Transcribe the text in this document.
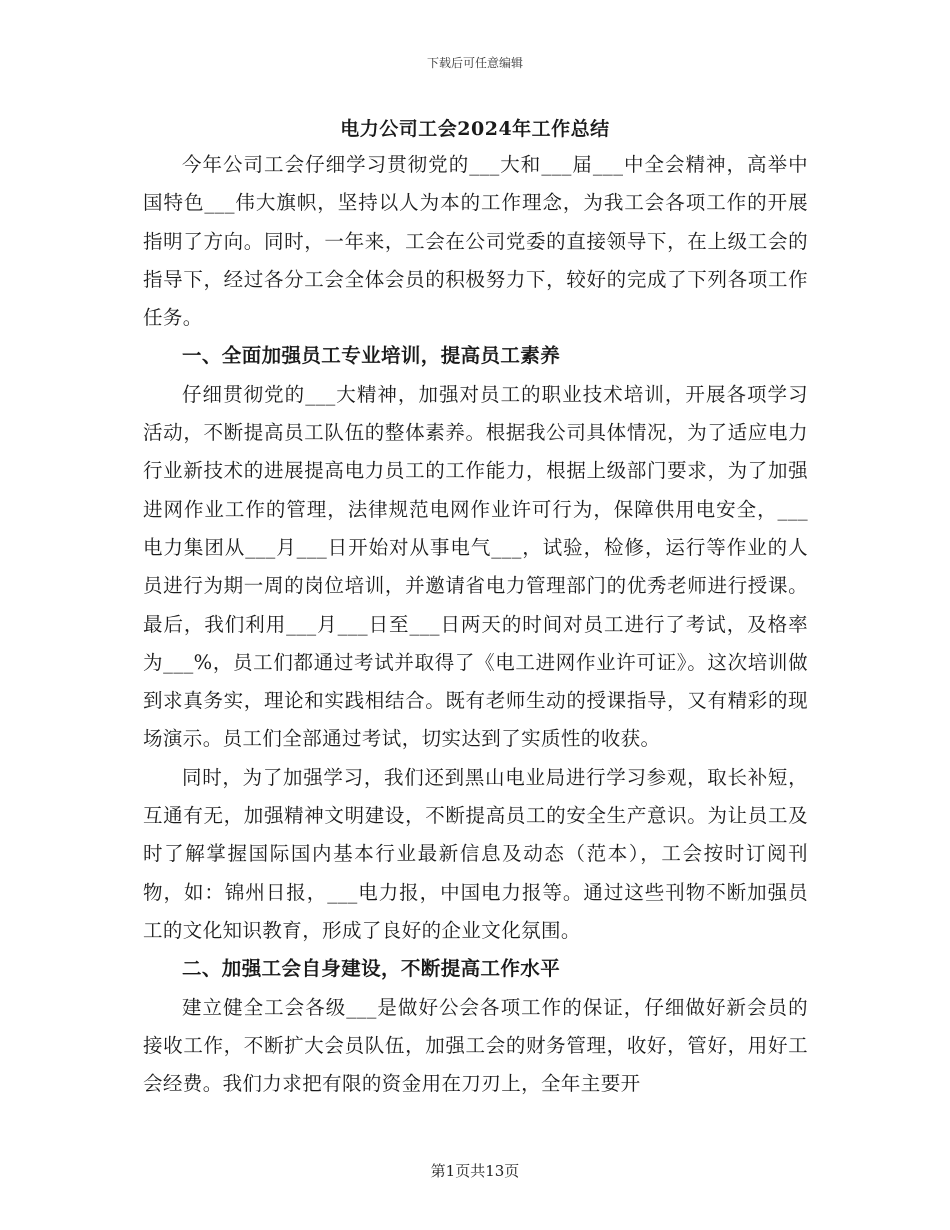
下载后可任意编辑
电力公司工会2024年工作总结

今年公司工会仔细学习贯彻党的___大和___届___中全会精神，高举中国特色___伟大旗帜，坚持以人为本的工作理念，为我工会各项工作的开展指明了方向。同时，一年来，工会在公司党委的直接领导下，在上级工会的指导下，经过各分工会全体会员的积极努力下，较好的完成了下列各项工作任务。

一、全面加强员工专业培训，提高员工素养

仔细贯彻党的___大精神，加强对员工的职业技术培训，开展各项学习活动，不断提高员工队伍的整体素养。根据我公司具体情况，为了适应电力行业新技术的进展提高电力员工的工作能力，根据上级部门要求，为了加强进网作业工作的管理，法律规范电网作业许可行为，保障供用电安全，___电力集团从___月___日开始对从事电气___，试验，检修，运行等作业的人员进行为期一周的岗位培训，并邀请省电力管理部门的优秀老师进行授课。最后，我们利用___月___日至___日两天的时间对员工进行了考试，及格率为___%，员工们都通过考试并取得了《电工进网作业许可证》。这次培训做到求真务实，理论和实践相结合。既有老师生动的授课指导，又有精彩的现场演示。员工们全部通过考试，切实达到了实质性的收获。

同时，为了加强学习，我们还到黑山电业局进行学习参观，取长补短，互通有无，加强精神文明建设，不断提高员工的安全生产意识。为让员工及时了解掌握国际国内基本行业最新信息及动态（范本），工会按时订阅刊物，如：锦州日报，___电力报，中国电力报等。通过这些刊物不断加强员工的文化知识教育，形成了良好的企业文化氛围。

二、加强工会自身建设，不断提高工作水平

建立健全工会各级___是做好公会各项工作的保证，仔细做好新会员的接收工作，不断扩大会员队伍，加强工会的财务管理，收好，管好，用好工会经费。我们力求把有限的资金用在刀刃上，全年主要开

第1页共13页
